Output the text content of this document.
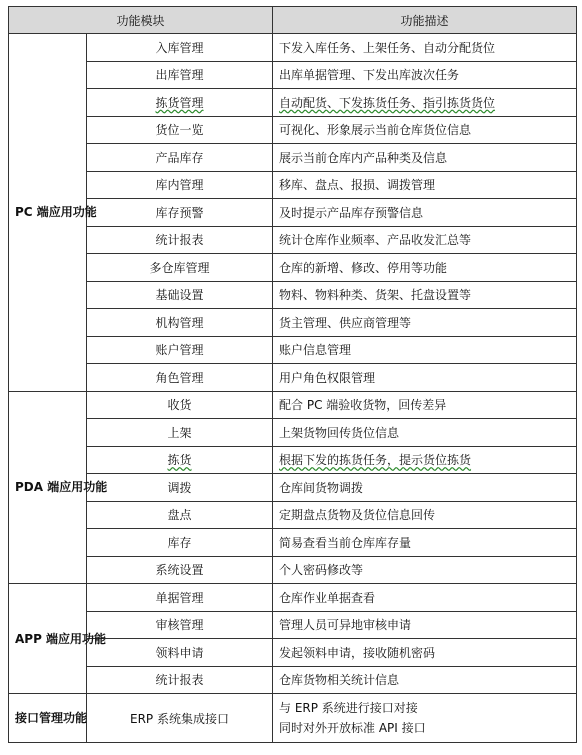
功能模块		功能描述
PC 端应用功能	入库管理	下发入库任务、上架任务、自动分配货位
	出库管理	出库单据管理、下发出库波次任务
	拣货管理	自动配货、下发拣货任务、指引拣货货位
	货位一览	可视化、形象展示当前仓库货位信息
	产品库存	展示当前仓库内产品种类及信息
	库内管理	移库、盘点、报损、调拨管理
	库存预警	及时提示产品库存预警信息
	统计报表	统计仓库作业频率、产品收发汇总等
	多仓库管理	仓库的新增、修改、停用等功能
	基础设置	物料、物料种类、货架、托盘设置等
	机构管理	货主管理、供应商管理等
	账户管理	账户信息管理
	角色管理	用户角色权限管理
PDA 端应用功能	收货	配合 PC 端验收货物，回传差异
	上架	上架货物回传货位信息
	拣货	根据下发的拣货任务，提示货位拣货
	调拨	仓库间货物调拨
	盘点	定期盘点货物及货位信息回传
	库存	简易查看当前仓库库存量
	系统设置	个人密码修改等
APP 端应用功能	单据管理	仓库作业单据查看
	审核管理	管理人员可异地审核申请
	领料申请	发起领料申请，接收随机密码
	统计报表	仓库货物相关统计信息
接口管理功能	ERP 系统集成接口	与 ERP 系统进行接口对接
同时对外开放标准 API 接口
